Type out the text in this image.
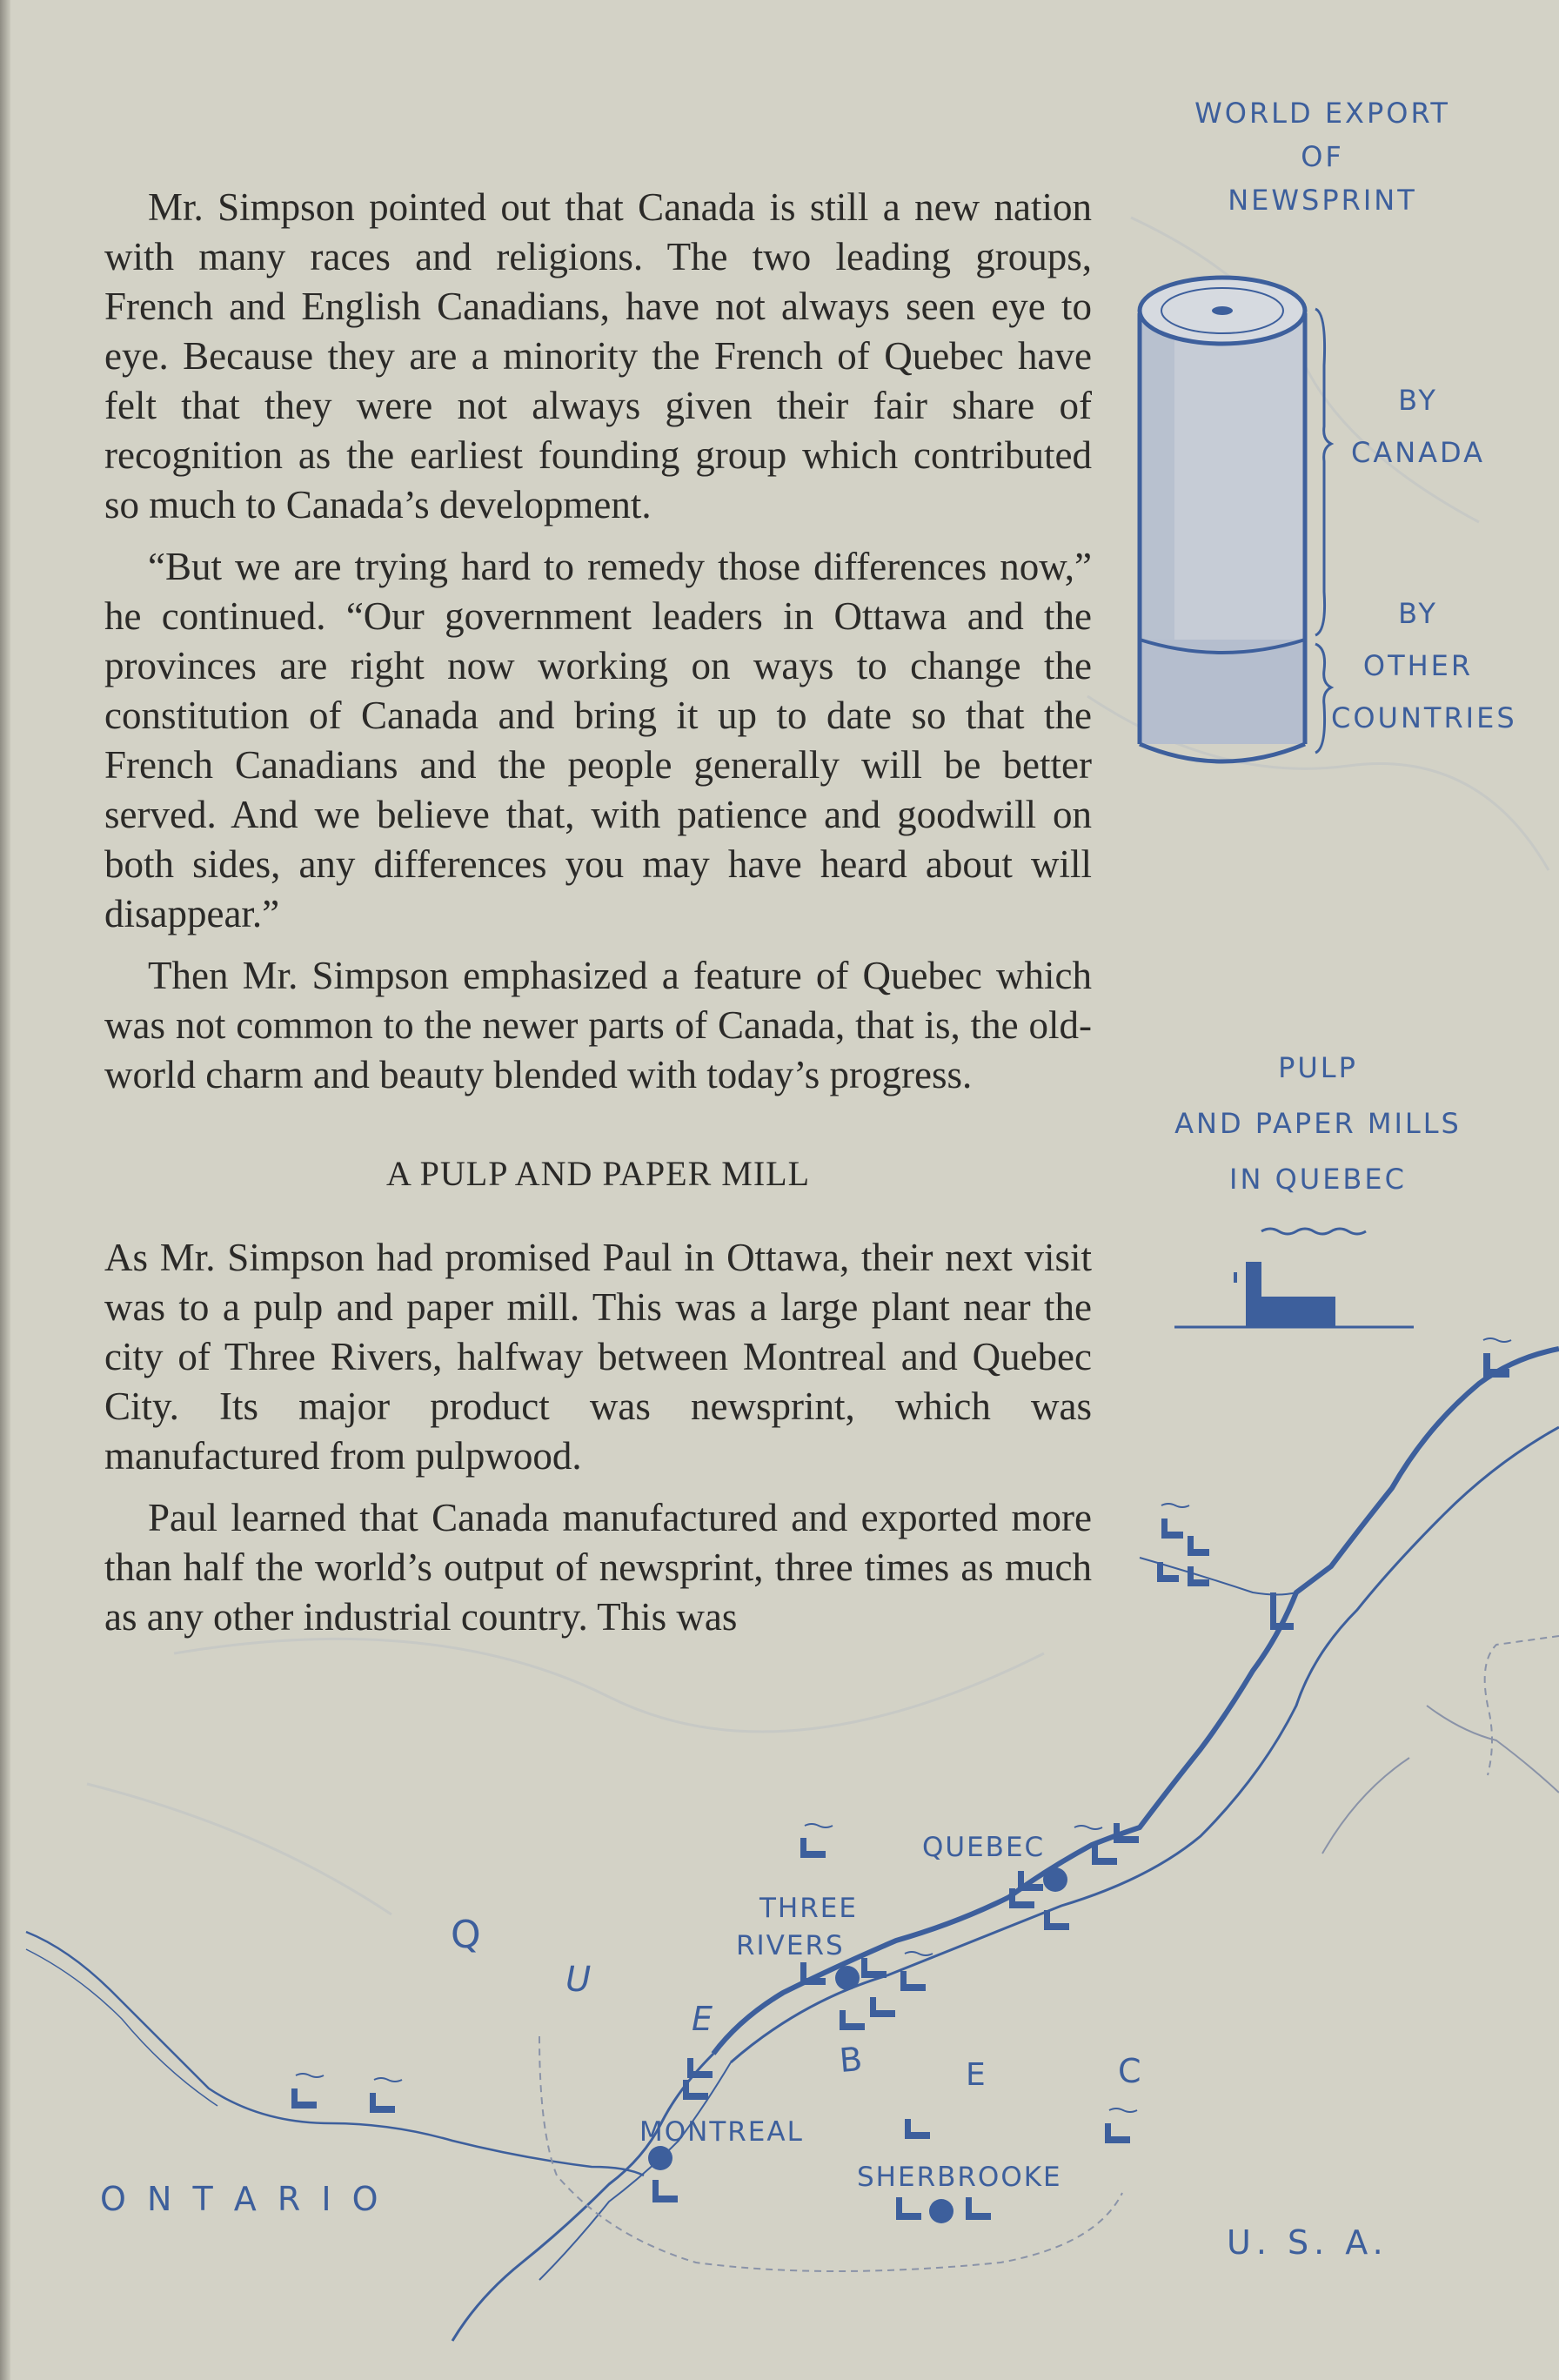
Mr. Simpson pointed out that Canada is still a new nation with many races and religions. The two leading groups, French and English Canadians, have not always seen eye to eye. Because they are a minority the French of Quebec have felt that they were not always given their fair share of recognition as the earliest founding group which contributed so much to Canada’s development.

“But we are trying hard to remedy those differences now,” he continued. “Our government leaders in Ottawa and the provinces are right now working on ways to change the constitution of Canada and bring it up to date so that the French Canadians and the people generally will be better served. And we believe that, with patience and goodwill on both sides, any differences you may have heard about will disappear.”

Then Mr. Simpson emphasized a feature of Quebec which was not common to the newer parts of Canada, that is, the old-world charm and beauty blended with today’s progress.

A PULP AND PAPER MILL

As Mr. Simpson had promised Paul in Ottawa, their next visit was to a pulp and paper mill. This was a large plant near the city of Three Rivers, halfway between Montreal and Quebec City. Its major product was newsprint, which was manufactured from pulpwood.

Paul learned that Canada manufactured and exported more than half the world’s output of newsprint, three times as much as any other industrial country. This was

WORLD EXPORT
OF
NEWSPRINT
BY
CANADA
BY
OTHER
COUNTRIES
PULP
AND PAPER MILLS
IN QUEBEC
Q
U
E
B	E	C
O N T A R I O
U. S. A.
QUEBEC
THREE
RIVERS
MONTREAL
SHERBROOKE
